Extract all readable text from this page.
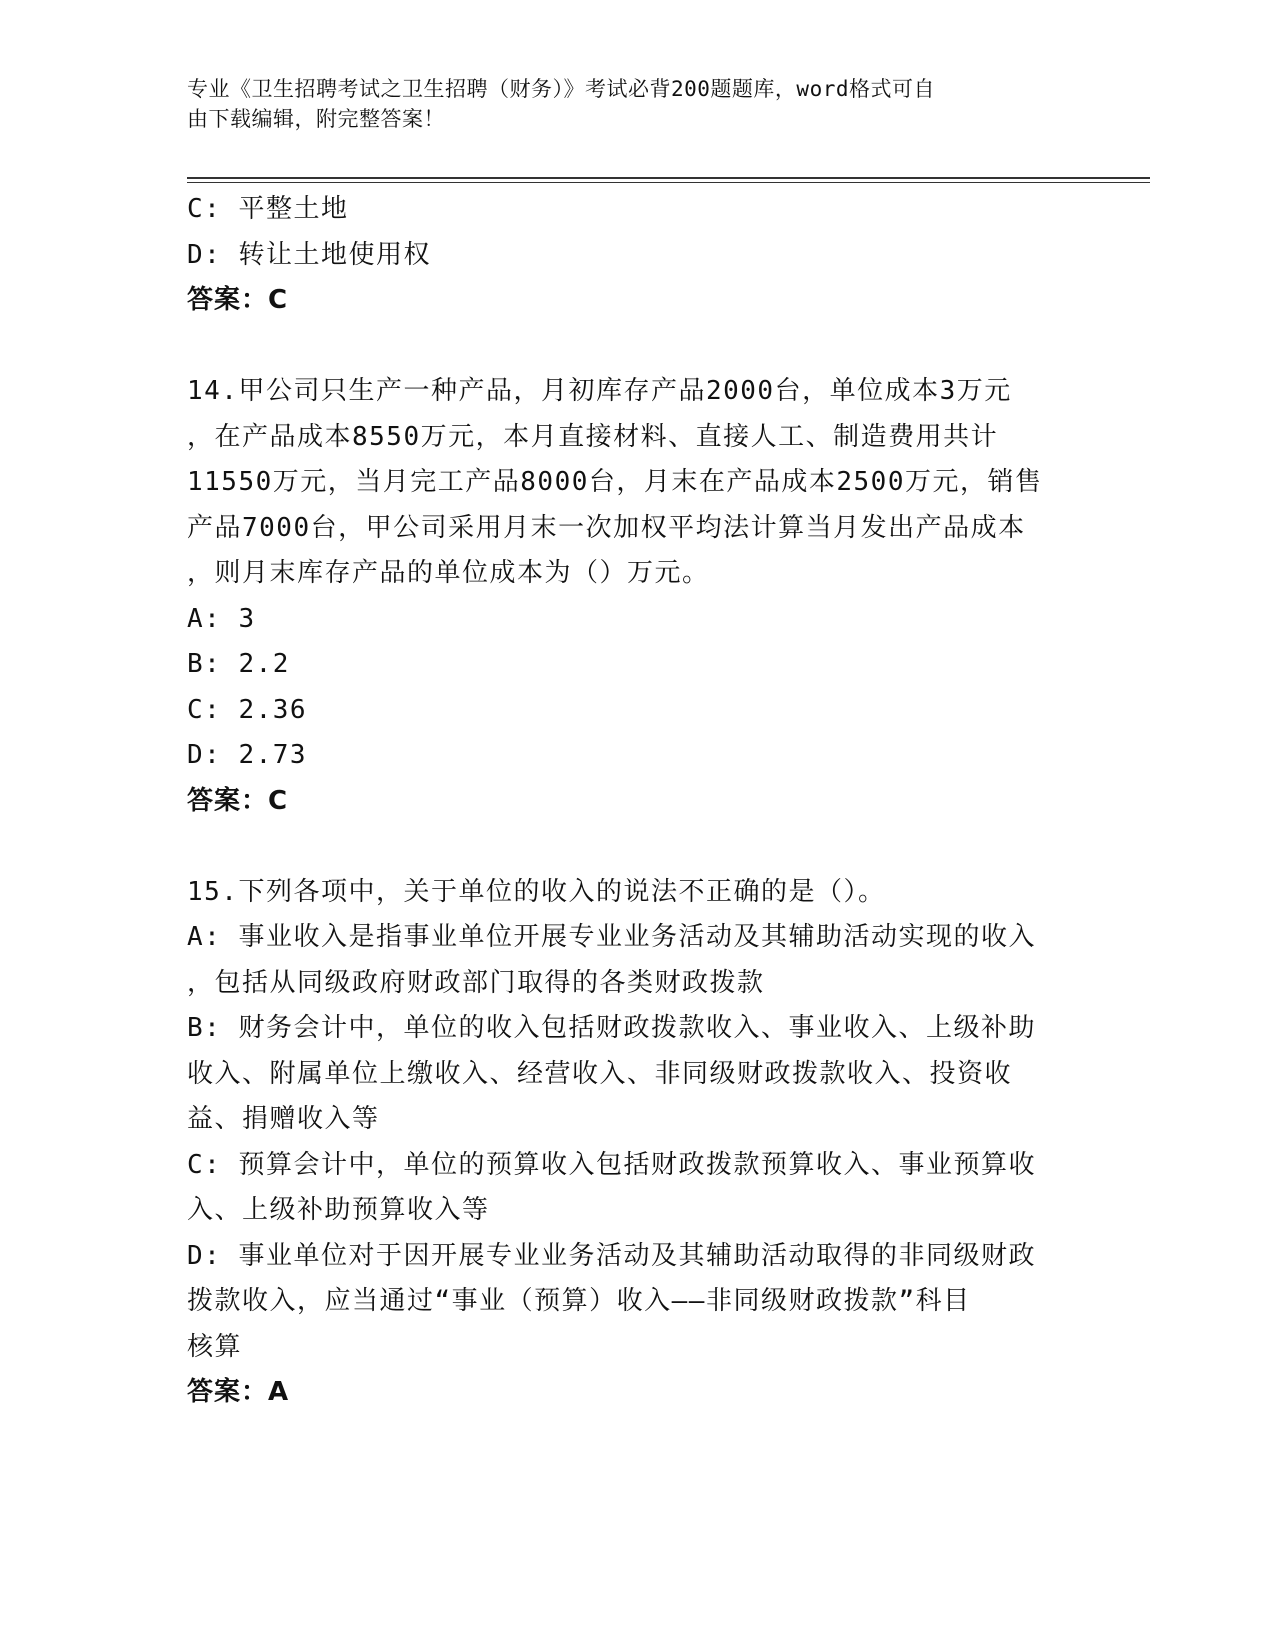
专业《卫生招聘考试之卫生招聘（财务）》考试必背200题题库，word格式可自
由下载编辑，附完整答案！
C: 平整土地
D: 转让土地使用权
答案：C
14.甲公司只生产一种产品，月初库存产品2000台，单位成本3万元
，在产品成本8550万元，本月直接材料、直接人工、制造费用共计
11550万元，当月完工产品8000台，月末在产品成本2500万元，销售
产品7000台，甲公司采用月末一次加权平均法计算当月发出产品成本
，则月末库存产品的单位成本为（）万元。
A: 3
B: 2.2
C: 2.36
D: 2.73
答案：C
15.下列各项中，关于单位的收入的说法不正确的是（）。
A: 事业收入是指事业单位开展专业业务活动及其辅助活动实现的收入
，包括从同级政府财政部门取得的各类财政拨款
B: 财务会计中，单位的收入包括财政拨款收入、事业收入、上级补助
收入、附属单位上缴收入、经营收入、非同级财政拨款收入、投资收
益、捐赠收入等
C: 预算会计中，单位的预算收入包括财政拨款预算收入、事业预算收
入、上级补助预算收入等
D: 事业单位对于因开展专业业务活动及其辅助活动取得的非同级财政
拨款收入，应当通过“事业（预算）收入——非同级财政拨款”科目
核算
答案：A
